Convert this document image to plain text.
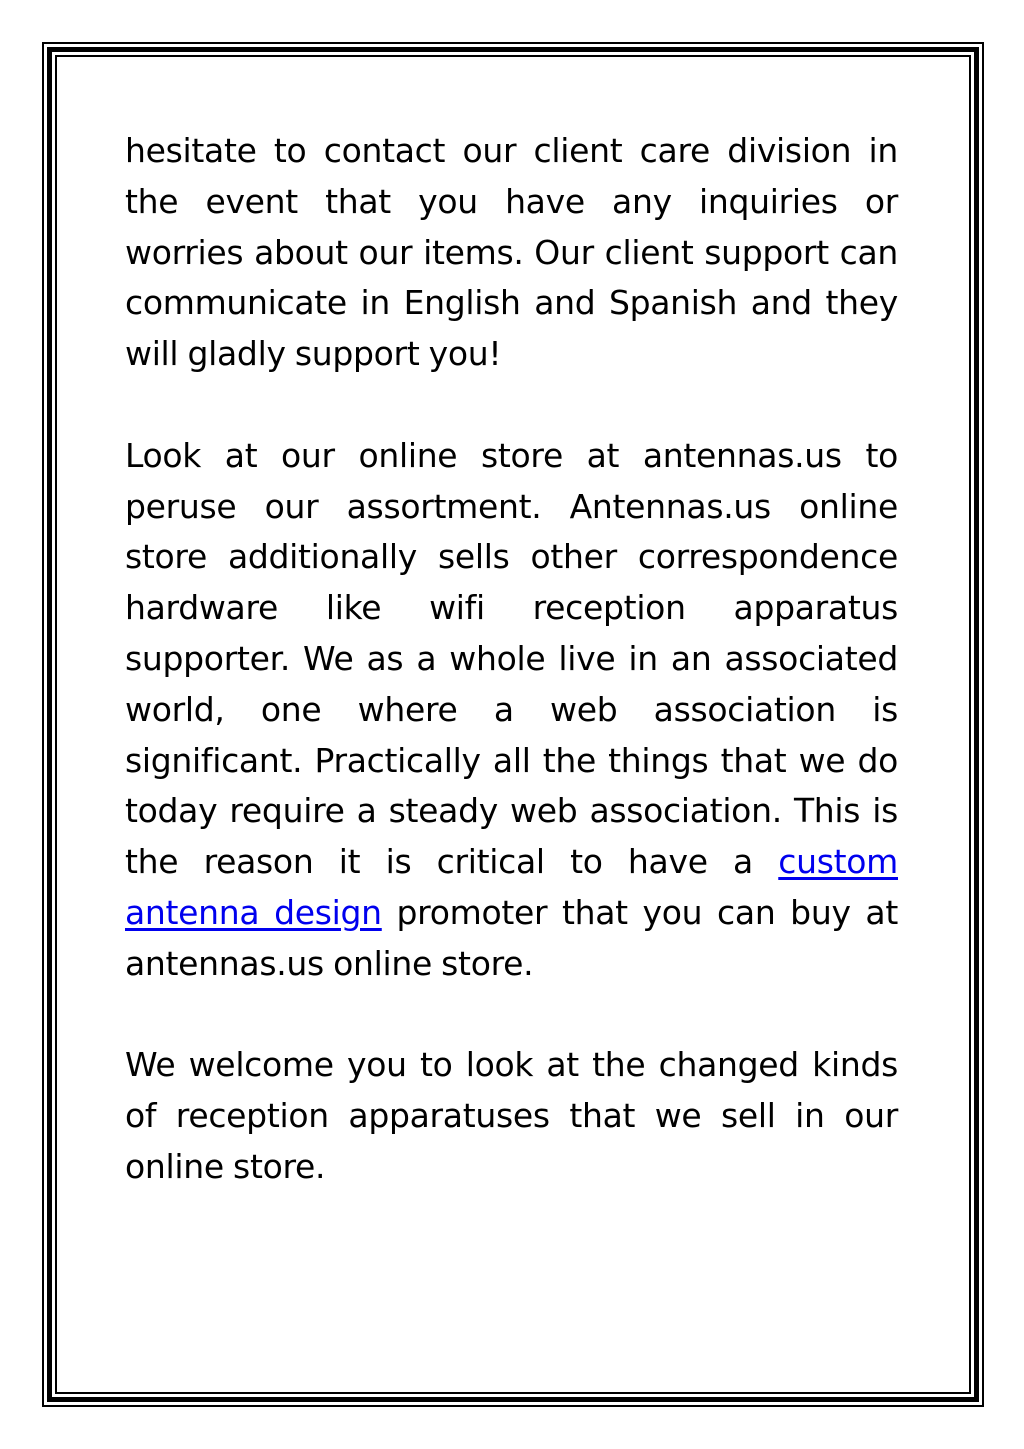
hesitate to contact our client care division in the event that you have any inquiries or worries about our items. Our client support can communicate in English and Spanish and they will gladly support you!

Look at our online store at antennas.us to peruse our assortment. Antennas.us online store additionally sells other correspondence hardware like wifi reception apparatus supporter. We as a whole live in an associated world, one where a web association is significant. Practically all the things that we do today require a steady web association. This is the reason it is critical to have a custom antenna design promoter that you can buy at antennas.us online store.

We welcome you to look at the changed kinds of reception apparatuses that we sell in our online store.
